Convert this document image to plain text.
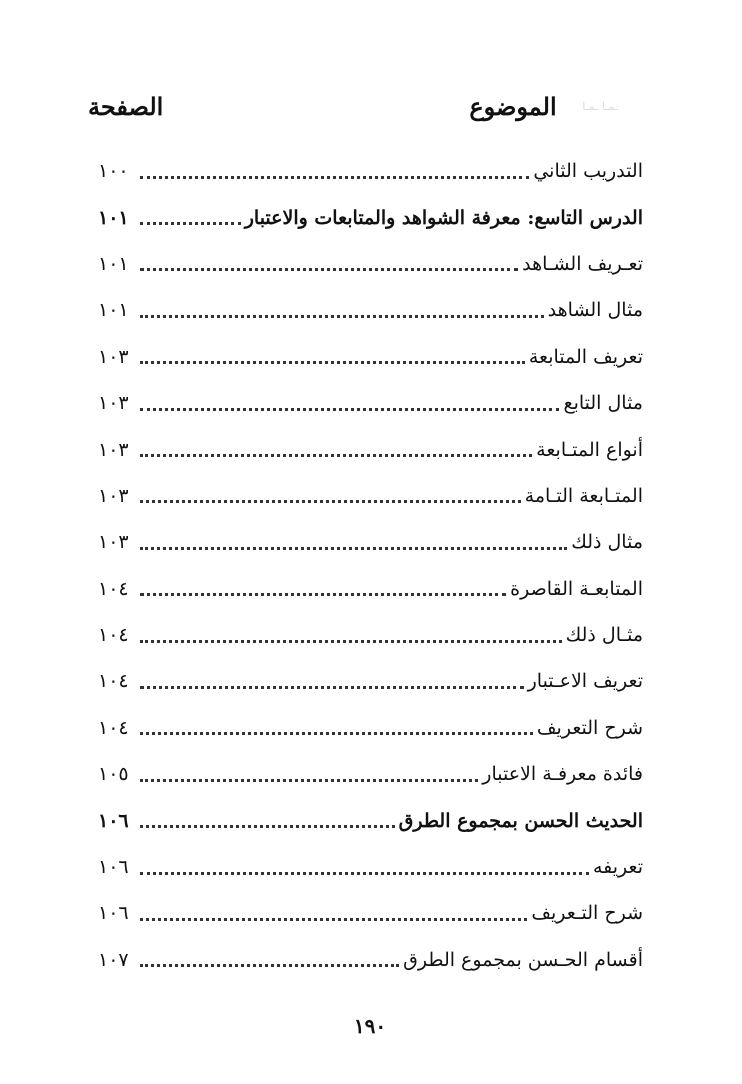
ـمـا ـمـا
الموضوع
الصفحة
التدريب الثاني
١٠٠
الدرس التاسع: معرفة الشواهد والمتابعات والاعتبار
١٠١
تعـريف الشـاهد
١٠١
مثال الشاهد
١٠١
تعريف المتابعة
١٠٣
مثال التابع
١٠٣
أنواع المتـابعة
١٠٣
المتـابعة التـامة
١٠٣
مثال ذلك
١٠٣
المتابعـة القاصرة
١٠٤
مثـال ذلك
١٠٤
تعريف الاعـتبار
١٠٤
شرح التعريف
١٠٤
فائدة معرفـة الاعتبار
١٠٥
الحديث الحسن بمجموع الطرق
١٠٦
تعريفه
١٠٦
شرح التـعريف
١٠٦
أقسام الحـسن بمجموع الطرق
١٠٧
١٩٠
